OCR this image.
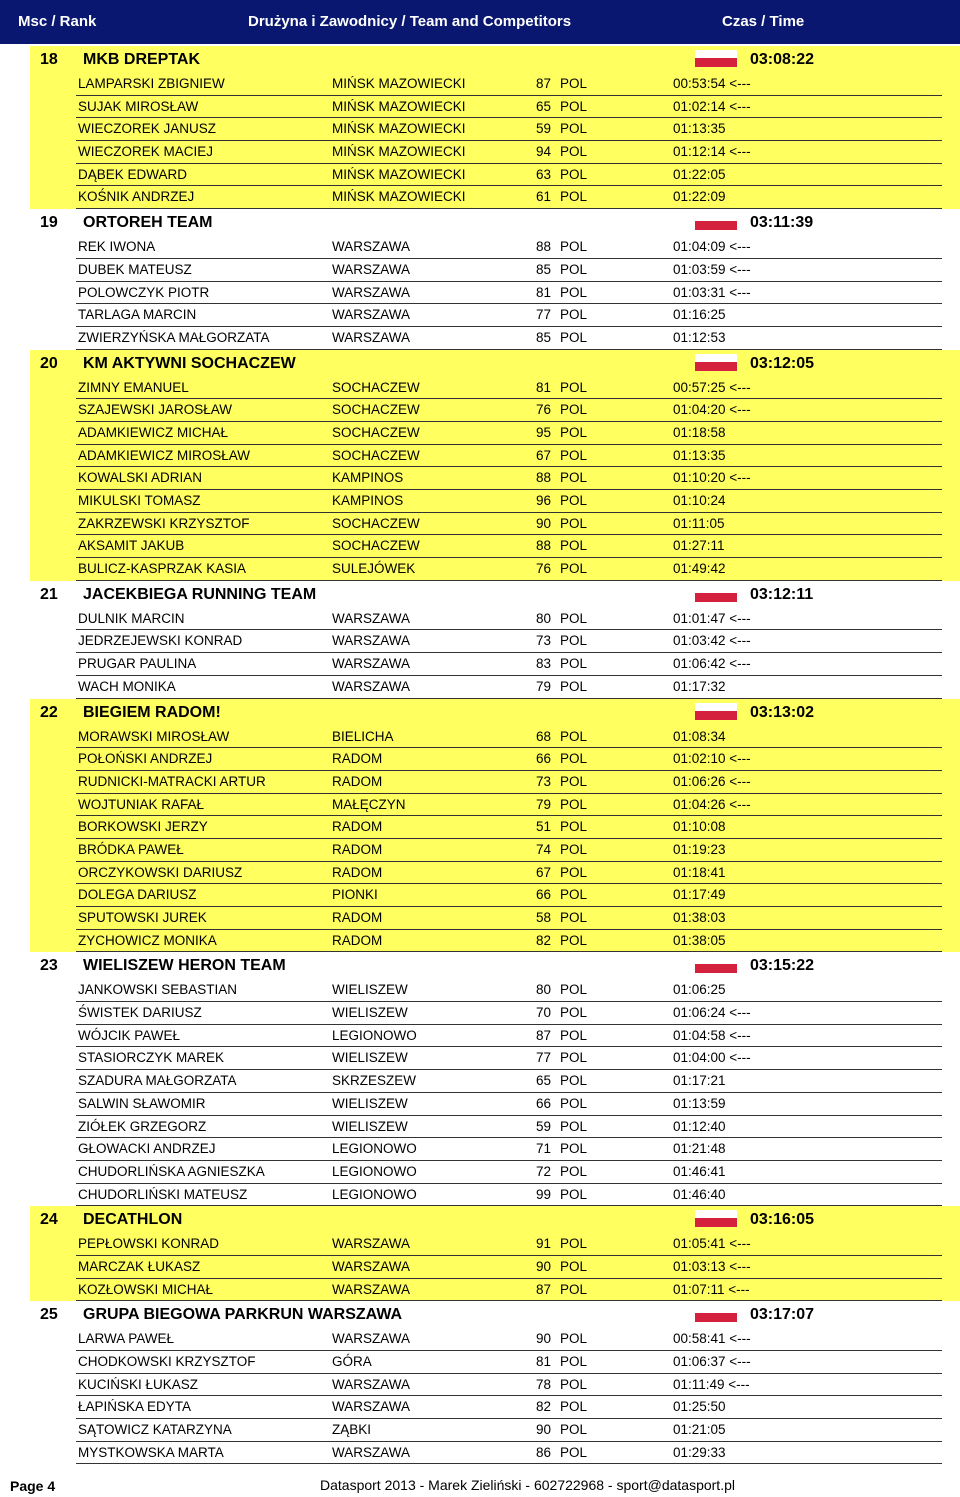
Msc / Rank	Drużyna i Zawodnicy / Team and Competitors	Czas / Time
18 MKB DREPTAK	03:08:22
LAMPARSKI ZBIGNIEW	MIŃSK MAZOWIECKI	87 POL	00:53:54 <---
SUJAK MIROSŁAW	MIŃSK MAZOWIECKI	65 POL	01:02:14 <---
WIECZOREK JANUSZ	MIŃSK MAZOWIECKI	59 POL	01:13:35
WIECZOREK MACIEJ	MIŃSK MAZOWIECKI	94 POL	01:12:14 <---
DĄBEK EDWARD	MIŃSK MAZOWIECKI	63 POL	01:22:05
KOŚNIK ANDRZEJ	MIŃSK MAZOWIECKI	61 POL	01:22:09
19 ORTOREH TEAM	03:11:39
REK IWONA	WARSZAWA	88 POL	01:04:09 <---
DUBEK MATEUSZ	WARSZAWA	85 POL	01:03:59 <---
POLOWCZYK PIOTR	WARSZAWA	81 POL	01:03:31 <---
TARLAGA MARCIN	WARSZAWA	77 POL	01:16:25
ZWIERZYŃSKA MAŁGORZATA	WARSZAWA	85 POL	01:12:53
20 KM AKTYWNI SOCHACZEW	03:12:05
ZIMNY EMANUEL	SOCHACZEW	81 POL	00:57:25 <---
SZAJEWSKI JAROSŁAW	SOCHACZEW	76 POL	01:04:20 <---
ADAMKIEWICZ MICHAŁ	SOCHACZEW	95 POL	01:18:58
ADAMKIEWICZ MIROSŁAW	SOCHACZEW	67 POL	01:13:35
KOWALSKI ADRIAN	KAMPINOS	88 POL	01:10:20 <---
MIKULSKI TOMASZ	KAMPINOS	96 POL	01:10:24
ZAKRZEWSKI KRZYSZTOF	SOCHACZEW	90 POL	01:11:05
AKSAMIT JAKUB	SOCHACZEW	88 POL	01:27:11
BULICZ-KASPRZAK KASIA	SULEJÓWEK	76 POL	01:49:42
21 JACEKBIEGA RUNNING TEAM	03:12:11
DULNIK MARCIN	WARSZAWA	80 POL	01:01:47 <---
JEDRZEJEWSKI KONRAD	WARSZAWA	73 POL	01:03:42 <---
PRUGAR PAULINA	WARSZAWA	83 POL	01:06:42 <---
WACH MONIKA	WARSZAWA	79 POL	01:17:32
22 BIEGIEM RADOM!	03:13:02
MORAWSKI MIROSŁAW	BIELICHA	68 POL	01:08:34
POŁOŃSKI ANDRZEJ	RADOM	66 POL	01:02:10 <---
RUDNICKI-MATRACKI ARTUR	RADOM	73 POL	01:06:26 <---
WOJTUNIAK RAFAŁ	MAŁĘCZYN	79 POL	01:04:26 <---
BORKOWSKI JERZY	RADOM	51 POL	01:10:08
BRÓDKA PAWEŁ	RADOM	74 POL	01:19:23
ORCZYKOWSKI DARIUSZ	RADOM	67 POL	01:18:41
DOLEGA DARIUSZ	PIONKI	66 POL	01:17:49
SPUTOWSKI JUREK	RADOM	58 POL	01:38:03
ZYCHOWICZ MONIKA	RADOM	82 POL	01:38:05
23 WIELISZEW HERON TEAM	03:15:22
JANKOWSKI SEBASTIAN	WIELISZEW	80 POL	01:06:25
ŚWISTEK DARIUSZ	WIELISZEW	70 POL	01:06:24 <---
WÓJCIK PAWEŁ	LEGIONOWO	87 POL	01:04:58 <---
STASIORCZYK MAREK	WIELISZEW	77 POL	01:04:00 <---
SZADURA MAŁGORZATA	SKRZESZEW	65 POL	01:17:21
SALWIN SŁAWOMIR	WIELISZEW	66 POL	01:13:59
ZIÓŁEK GRZEGORZ	WIELISZEW	59 POL	01:12:40
GŁOWACKI ANDRZEJ	LEGIONOWO	71 POL	01:21:48
CHUDORLIŃSKA AGNIESZKA	LEGIONOWO	72 POL	01:46:41
CHUDORLIŃSKI MATEUSZ	LEGIONOWO	99 POL	01:46:40
24 DECATHLON	03:16:05
PEPŁOWSKI KONRAD	WARSZAWA	91 POL	01:05:41 <---
MARCZAK ŁUKASZ	WARSZAWA	90 POL	01:03:13 <---
KOZŁOWSKI MICHAŁ	WARSZAWA	87 POL	01:07:11 <---
25 GRUPA BIEGOWA PARKRUN WARSZAWA	03:17:07
LARWA PAWEŁ	WARSZAWA	90 POL	00:58:41 <---
CHODKOWSKI KRZYSZTOF	GÓRA	81 POL	01:06:37 <---
KUCIŃSKI ŁUKASZ	WARSZAWA	78 POL	01:11:49 <---
ŁAPIŃSKA EDYTA	WARSZAWA	82 POL	01:25:50
SĄTOWICZ KATARZYNA	ZĄBKI	90 POL	01:21:05
MYSTKOWSKA MARTA	WARSZAWA	86 POL	01:29:33
Page 4	Datasport 2013 - Marek Zieliński - 602722968 - sport@datasport.pl
